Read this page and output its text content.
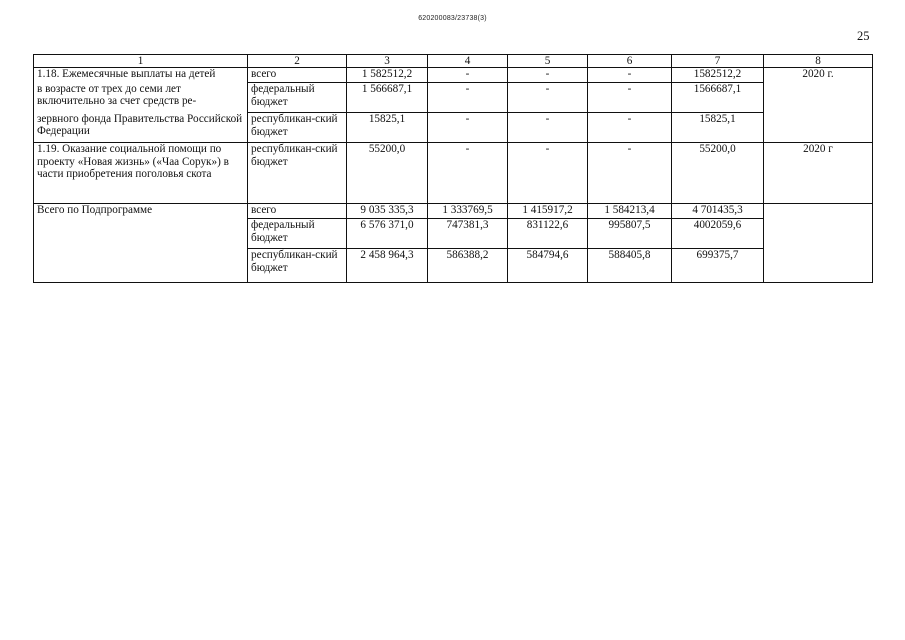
620200083/23738(3)
25
1	2	3	4	5	6	7	8
1.18. Ежемесячные выплаты на детей	всего	1 582512,2	-	-	-	1582512,2	2020 г.
в возрасте от трех до семи лет включительно за счет средств ре-	федеральный бюджет	1 566687,1	-	-	-	1566687,1	
зервного фонда Правительства Российской Федерации	республикан-ский бюджет	15825,1	-	-	-	15825,1	
1.19. Оказание социальной помощи по проекту «Новая жизнь» («Чаа Сорук») в части приобретения поголовья скота	республикан-ский бюджет	55200,0	-	-	-	55200,0	2020 г
Всего по Подпрограмме	всего	9 035 335,3	1 333769,5	1 415917,2	1 584213,4	4 701435,3	
	федеральный бюджет	6 576 371,0	747381,3	831122,6	995807,5	4002059,6	
	республикан-ский бюджет	2 458 964,3	586388,2	584794,6	588405,8	699375,7	
